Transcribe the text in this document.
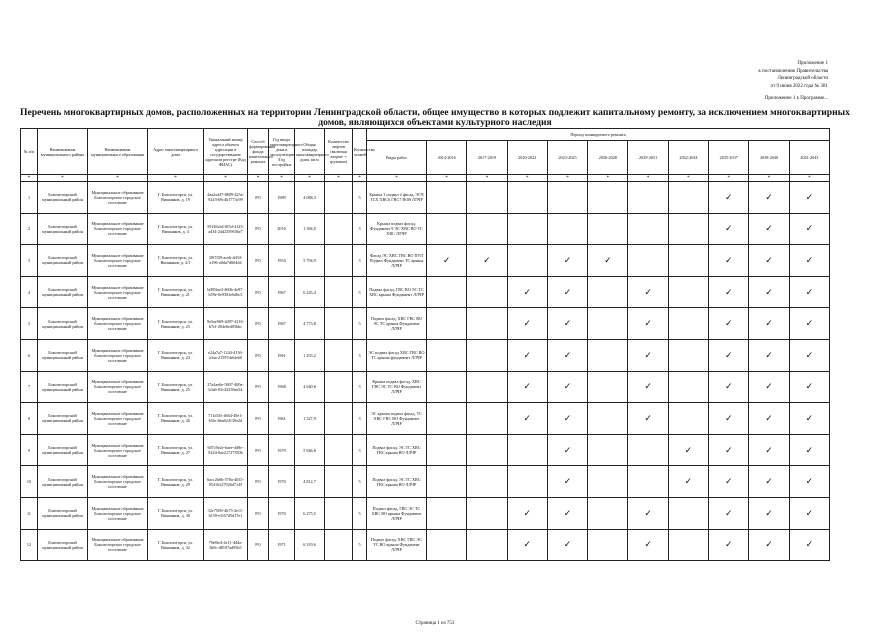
Приложение 1
к постановлению Правительства
Ленинградской области
от 9 июня 2022 года № 381
Приложение 1 к Программе...
Перечень многоквартирных домов, расположенных на территории Ленинградской области, общее имущество в которых подлежит капитальному ремонту, за исключением многоквартирных домов, являющихся объектами культурного наследия
№ п/п	Наименование муниципального района	Наименование муниципального образования	Адрес многоквартирного дома	Уникальный номер адреса объекта адресации в государственном адресном реестре (Код ФИАС)	Способ формирования фонда капитального ремонта	Год ввода многоквартирного дома в эксплуатацию /Год постройки	Общая площадь многоквартирного дома, кв.м	Количество лифтов (включая вторые + грузовые)	Количество этажей	Период планируемого ремонта										
										Виды работ	2014-2016	2017-2019	2020-2022	2023-2025	2026-2028	2029-2031	2032-2034	2035-2037	2038-2040	2041-2043
*	*	*	*	*	*	*	*	*	*	*	*	*	*	*	*	*	*	*	*	*
1	Бокситогорский муниципальный район	Муниципальное образование Бокситогорское городское поселение	Г. Бокситогорск, ул. Вишняков, д. 19	4aa2a447-8809-425a-9243-69c4b1773c99	РО	1989	4 088,3		5	Крыша 1 подвал 2 фасад, ЭСЧ ТСХ ХВС6 ГВС7 ВОВ ЛЛЧР								✓	✓	✓
2	Бокситогорский муниципальный район	Муниципальное образование Бокситогорское городское поселение	Г. Бокситогорск, ул. Вишняков, д. 4	591462e4-0f5d-4123-a434-24d2359636e7	РО	2016	1 384,0		3	Крыша подвал фасад, Фундамент 9 ЭС ХВС ВО ТС ХВС ЛЛЧР								✓	✓	✓
3	Бокситогорский муниципальный район	Муниципальное образование Бокситогорское городское поселение	Г. Бокситогорск, ул. Вишняков, д. 2/1	39f7f59-aceb-4d34-a196-a0da7d604d4	РО	1954	5 794,9		3	Фасад ЭС ХВС ГВС ВО ПУЛ Подвал Фундамент ТС крыша ЛЛЧР	✓	✓		✓	✓			✓	✓	✓
4	Бокситогорский муниципальный район	Муниципальное образование Бокситогорское городское поселение	Г. Бокситогорск, ул. Вишняков, д. 21	b085fae3-460b-4e97-b59e-0e9381e6d6c5	РО	1967	6 245,4		5	Подвал фасад, ГВС ВО ЭС ТС ХВС крыша Фундамент ЛЛЧР			✓	✓		✓		✓	✓	✓
5	Бокситогорский муниципальный район	Муниципальное образование Бокситогорское городское поселение	Г. Бокситогорск, ул. Вишняков, д. 23	9e5ae969-4d97-4216-b7ef-204e6ed05bbc	РО	1967	4 773,8		5	Подвал фасад, ХВС ГВС ВО ЭС ТС крыша Фундамент ЛЛЧР			✓	✓		✓		✓	✓	✓
6	Бокситогорский муниципальный район	Муниципальное образование Бокситогорское городское поселение	Г. Бокситогорск, ул. Вишняков, д. 24	e24a7a7-1244-4136-a3aa-21597debfeb0	РО	1961	1 253,2		3	ЭС подвал фасад ХВС ГВС ВО ТС крыша фундамент ЛЛЧР			✓	✓		✓		✓	✓	✓
7	Бокситогорский муниципальный район	Муниципальное образование Бокситогорское городское поселение	Г. Бокситогорск, ул. Вишняков, д. 25	27a4ae6e-5807-400e-b3a6-03c42256ea54	РО	1968	4 640,6		5	Крыша подвал фасад, ХВС ГВС ЭС ТС ВО Фундамент ЛЛЧР			✓	✓		✓		✓	✓	✓
8	Бокситогорский муниципальный район	Муниципальное образование Бокситогорское городское поселение	Г. Бокситогорск, ул. Вишняков, д. 26	711d3f5-4664-49e1-b5fe-bba624139e2d	РО	1961	1 327,9		3	ЭС крыша подвал фасад, ТС ХВС ГВС ВО Фундамент ЛЛЧР			✓	✓		✓		✓	✓	✓
9	Бокситогорский муниципальный район	Муниципальное образование Бокситогорское городское поселение	Г. Бокситогорск, ул. Вишняков, д. 27	607c9e2e-baee-4d9e-9224-0ae21727350b	РО	1979	5 946,8		5	Подвал фасад, ЭС ТС ХВС ГВС крыша ВО ЛЛЧР				✓			✓	✓	✓	✓
10	Бокситогорский муниципальный район	Муниципальное образование Бокситогорское городское поселение	Г. Бокситогорск, ул. Вишняков, д. 29	6acc2b0b-578a-4635-95416227926d7145	РО	1970	4 812,7		5	Подвал фасад, ЭС ТС ХВС ГВС крыша ВО ЛЛЧР				✓			✓	✓	✓	✓
11	Бокситогорский муниципальный район	Муниципальное образование Бокситогорское городское поселение	Г. Бокситогорск, ул. Вишняков, д. 30	32e75f9f-4b75-4e11-b159-e5f57d5d17e1	РО	1970	6 275,5		5	Подвал фасад, ГВС ЭС ТС ХВС ВО крыша Фундамент ЛЛЧР			✓	✓		✓		✓	✓	✓
12	Бокситогорский муниципальный район	Муниципальное образование Бокситогорское городское поселение	Г. Бокситогорск, ул. Вишняков, д. 32	79e8fe4-4e11-444a-8a9c-d8197ad95b5	РО	1971	6 319,6		5	Подвал фасад, ХВС ГВС ЭС ТС ВО крыша Фундамент ЛЛЧР			✓	✓		✓		✓	✓	✓
Страница 1 из 753
